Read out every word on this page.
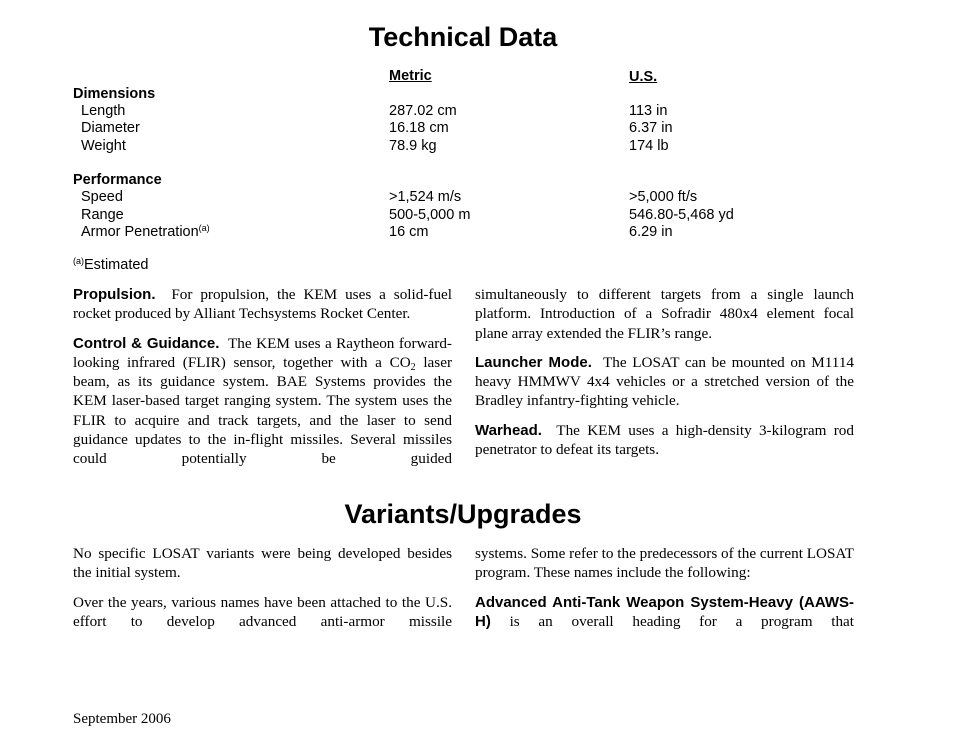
Technical Data
Metric	U.S.
Dimensions
Length	287.02 cm	113 in
Diameter	16.18 cm	6.37 in
Weight	78.9 kg	174 lb
Performance
Speed	>1,524 m/s	>5,000 ft/s
Range	500-5,000 m	546.80-5,468 yd
Armor Penetration$^{(a)}$	16 cm	6.29 in
$^{(a)}$Estimated

Propulsion. For propulsion, the KEM uses a solid-fuel rocket produced by Alliant Techsystems Rocket Center.

Control & Guidance. The KEM uses a Raytheon forward-looking infrared (FLIR) sensor, together with a $CO_2$ laser beam, as its guidance system. BAE Systems provides the KEM laser-based target ranging system. The system uses the FLIR to acquire and track targets, and the laser to send guidance updates to the in-flight missiles. Several missiles could potentially be guided

simultaneously to different targets from a single launch platform. Introduction of a Sofradir 480x4 element focal plane array extended the FLIR’s range.

Launcher Mode. The LOSAT can be mounted on M1114 heavy HMMWV 4x4 vehicles or a stretched version of the Bradley infantry-fighting vehicle.

Warhead. The KEM uses a high-density 3-kilogram rod penetrator to defeat its targets.

Variants/Upgrades

No specific LOSAT variants were being developed besides the initial system.

Over the years, various names have been attached to the U.S. effort to develop advanced anti-armor missile

systems. Some refer to the predecessors of the current LOSAT program. These names include the following:

Advanced Anti-Tank Weapon System-Heavy (AAWS-H) is an overall heading for a program that

September 2006
